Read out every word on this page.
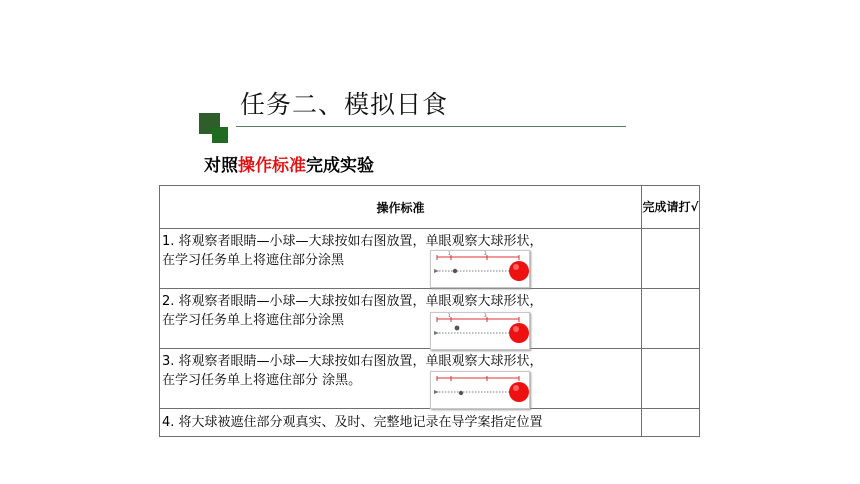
任务二、模拟日食
对照操作标准完成实验
操作标准	完成请打√

1. 将观察者眼睛—小球—大球按如右图放置，单眼观察大球形状，
在学习任务单上将遮住部分涂黑 1 3	

2. 将观察者眼睛—小球—大球按如右图放置，单眼观察大球形状，
在学习任务单上将遮住部分涂黑 1 3	

3. 将观察者眼睛—小球—大球按如右图放置，单眼观察大球形状，
在学习任务单上将遮住部分 涂黑。	

4. 将大球被遮住部分观真实、及时、完整地记录在导学案指定位置	
